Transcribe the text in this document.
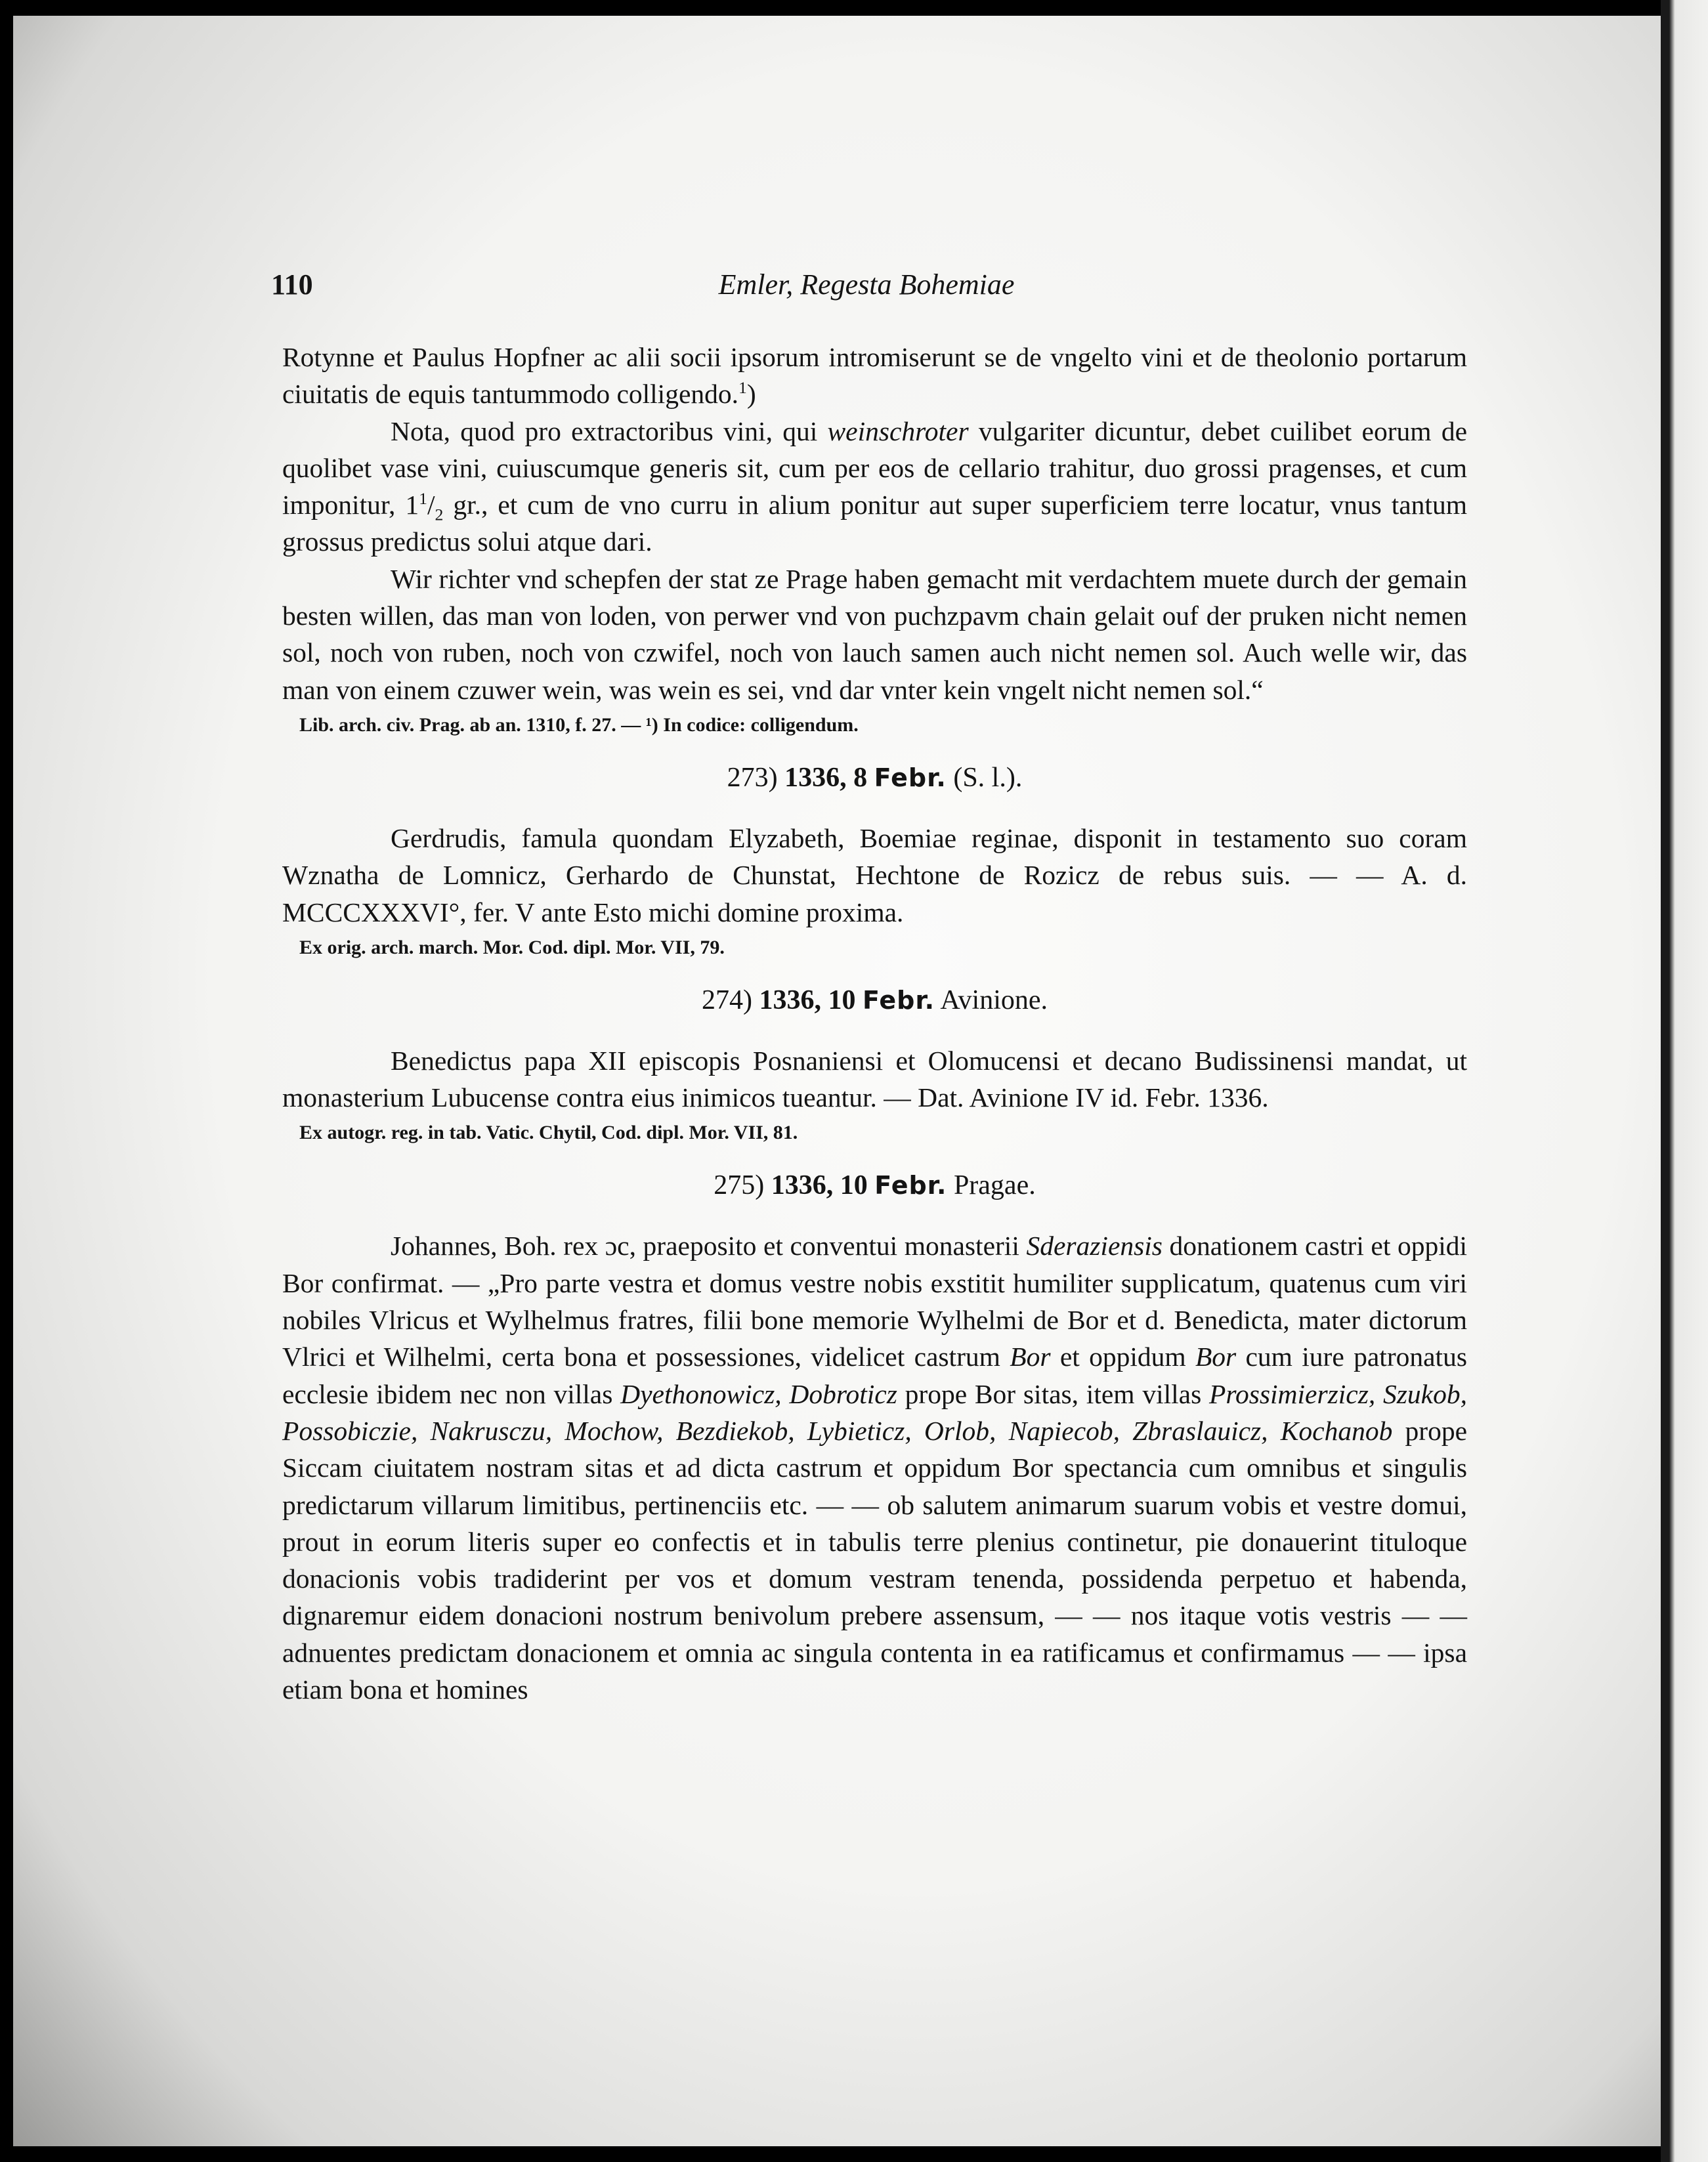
110	Emler, Regesta Bohemiae

Rotynne et Paulus Hopfner ac alii socii ipsorum intromiserunt se de vngelto vini et de theolonio portarum ciuitatis de equis tantummodo colligendo.$^1$)

Nota, quod pro extractoribus vini, qui weinschroter vulgariter dicuntur, debet cuilibet eorum de quolibet vase vini, cuiuscumque generis sit, cum per eos de cellario trahitur, duo grossi pragenses, et cum imponitur, $1^1/_2$ gr., et cum de vno curru in alium ponitur aut super superficiem terre locatur, vnus tantum grossus predictus solui atque dari.

Wir richter vnd schepfen der stat ze Prage haben gemacht mit verdachtem muete durch der gemain besten willen, das man von loden, von perwer vnd von puchzpavm chain gelait ouf der pruken nicht nemen sol, noch von ruben, noch von czwifel, noch von lauch samen auch nicht nemen sol. Auch welle wir, das man von einem czuwer wein, was wein es sei, vnd dar vnter kein vngelt nicht nemen sol.“

Lib. arch. civ. Prag. ab an. 1310, f. 27. — ¹) In codice: colligendum.

273) 1336, 8 Febr. (S. l.).

Gerdrudis, famula quondam Elyzabeth, Boemiae reginae, disponit in testamento suo coram Wznatha de Lomnicz, Gerhardo de Chunstat, Hechtone de Rozicz de rebus suis. — — A. d. MCCCXXXVI°, fer. V ante Esto michi domine proxima.

Ex orig. arch. march. Mor. Cod. dipl. Mor. VII, 79.

274) 1336, 10 Febr. Avinione.

Benedictus papa XII episcopis Posnaniensi et Olomucensi et decano Budissinensi mandat, ut monasterium Lubucense contra eius inimicos tueantur. — Dat. Avinione IV id. Febr. 1336.

Ex autogr. reg. in tab. Vatic. Chytil, Cod. dipl. Mor. VII, 81.

275) 1336, 10 Febr. Pragae.

Johannes, Boh. rex ɔc, praeposito et conventui monasterii Sderaziensis donationem castri et oppidi Bor confirmat. — „Pro parte vestra et domus vestre nobis exstitit humiliter supplicatum, quatenus cum viri nobiles Vlricus et Wylhelmus fratres, filii bone memorie Wylhelmi de Bor et d. Benedicta, mater dictorum Vlrici et Wilhelmi, certa bona et possessiones, videlicet castrum Bor et oppidum Bor cum iure patronatus ecclesie ibidem nec non villas Dyethonowicz, Dobroticz prope Bor sitas, item villas Prossimierzicz, Szukob, Possobiczie, Nakrusczu, Mochow, Bezdiekob, Lybieticz, Orlob, Napiecob, Zbraslauicz, Kochanob prope Siccam ciuitatem nostram sitas et ad dicta castrum et oppidum Bor spectancia cum omnibus et singulis predictarum villarum limitibus, pertinenciis etc. — — ob salutem animarum suarum vobis et vestre domui, prout in eorum literis super eo confectis et in tabulis terre plenius continetur, pie donauerint tituloque donacionis vobis tradiderint per vos et domum vestram tenenda, possidenda perpetuo et habenda, dignaremur eidem donacioni nostrum benivolum prebere assensum, — — nos itaque votis vestris — — adnuentes predictam donacionem et omnia ac singula contenta in ea ratificamus et confirmamus — — ipsa etiam bona et homines
